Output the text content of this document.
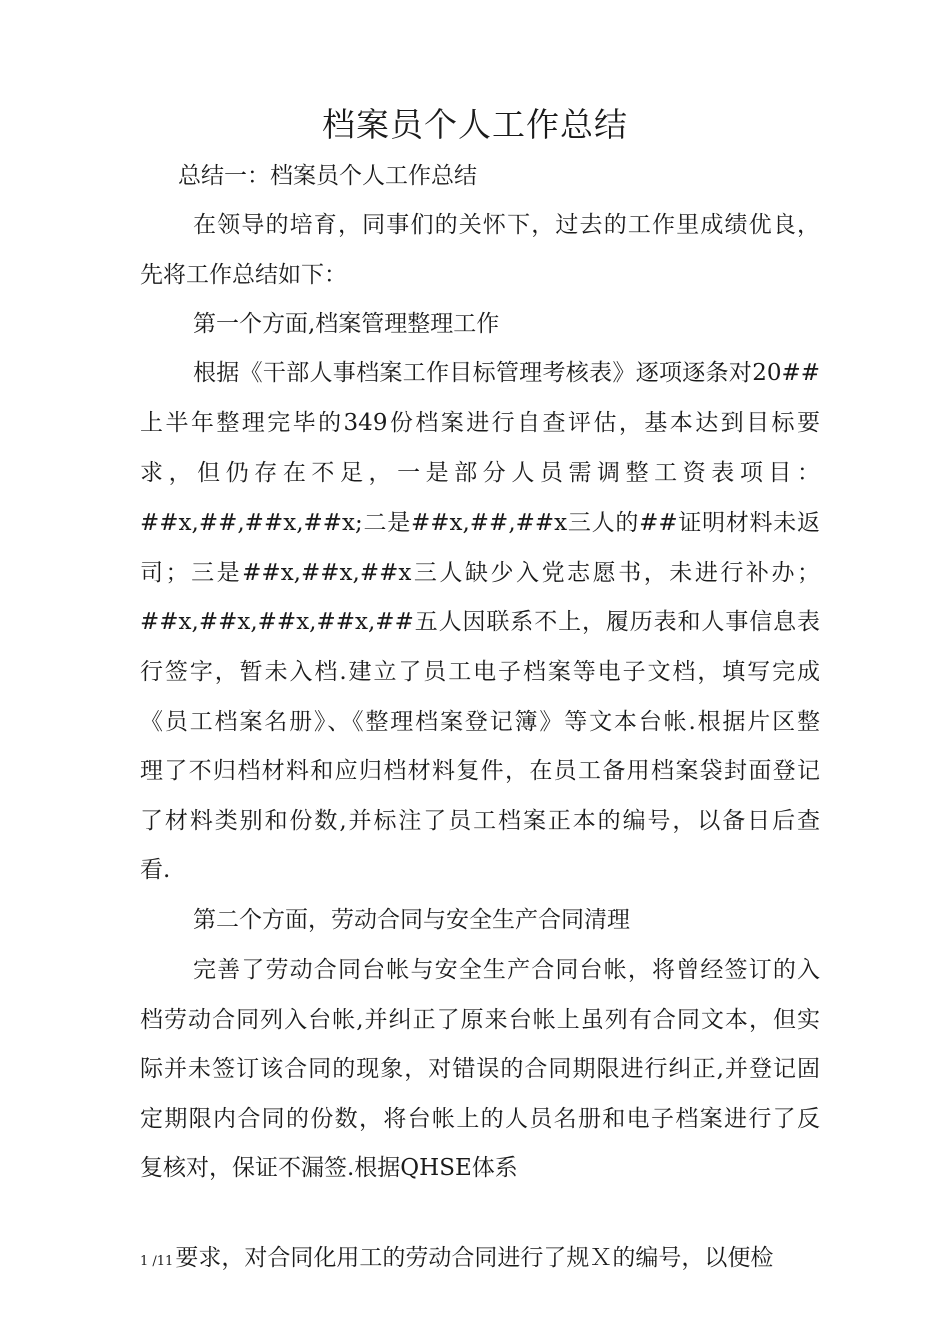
档案员个人工作总结
总结一：档案员个人工作总结
在领导的培育，同事们的关怀下，过去的工作里成绩优良，
先将工作总结如下：
第一个方面,档案管理整理工作
根据《干部人事档案工作目标管理考核表》逐项逐条对20##
上半年整理完毕的349份档案进行自查评估，基本达到目标要
求，但仍存在不足，一是部分人员需调整工资表项目：
##x,##,##x,##x;二是##x,##,##x三人的##证明材料未返
司；三是##x,##x,##x三人缺少入党志愿书，未进行补办；
##x,##x,##x,##x,##五人因联系不上，履历表和人事信息表
行签字，暂未入档.建立了员工电子档案等电子文档，填写完成
《员工档案名册》、《整理档案登记簿》等文本台帐.根据片区整
理了不归档材料和应归档材料复件，在员工备用档案袋封面登记
了材料类别和份数,并标注了员工档案正本的编号，以备日后查
看.
第二个方面，劳动合同与安全生产合同清理
完善了劳动合同台帐与安全生产合同台帐，将曾经签订的入
档劳动合同列入台帐,并纠正了原来台帐上虽列有合同文本，但实
际并未签订该合同的现象，对错误的合同期限进行纠正,并登记固
定期限内合同的份数，将台帐上的人员名册和电子档案进行了反
复核对，保证不漏签.根据QHSE体系
1 /11要求，对合同化用工的劳动合同进行了规Ｘ的编号，以便检
